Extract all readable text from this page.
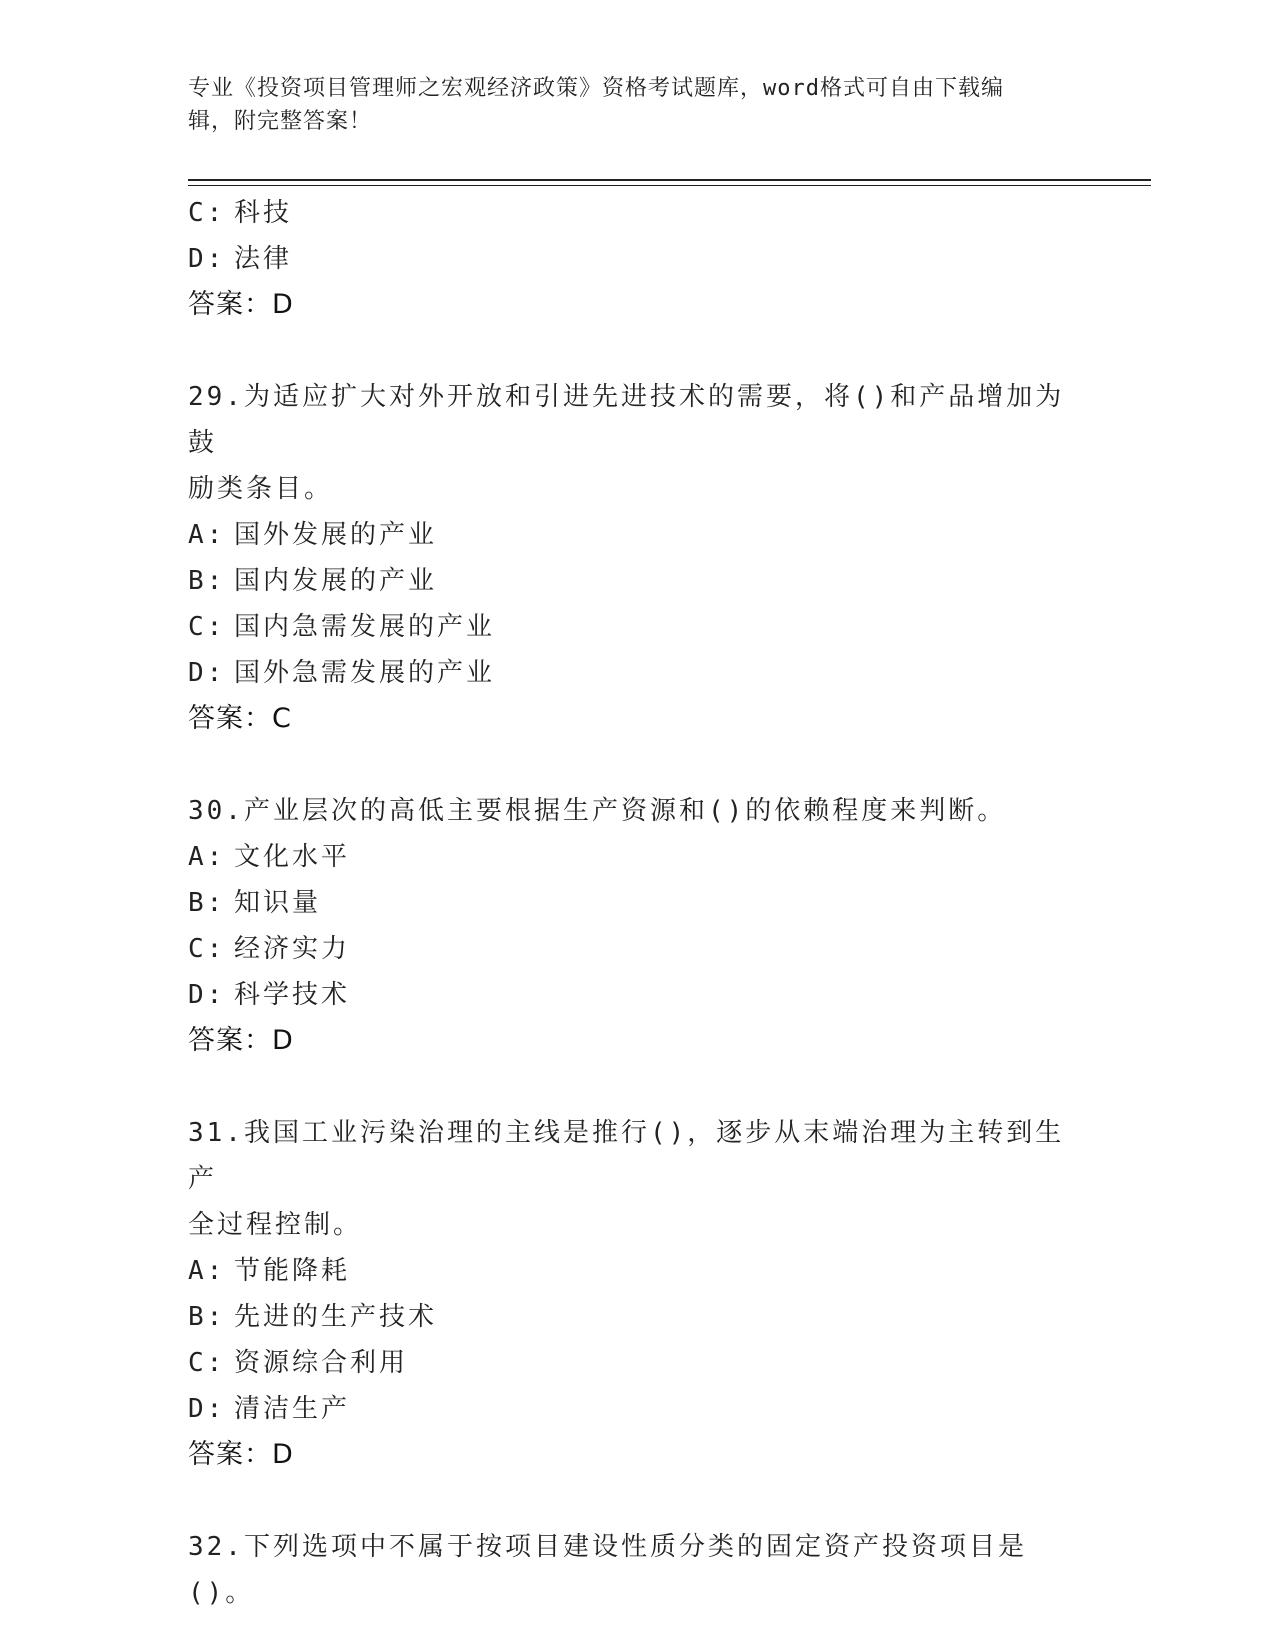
专业《投资项目管理师之宏观经济政策》资格考试题库，word格式可自由下载编
辑，附完整答案！
C: 科技
D: 法律
答案：D
29.为适应扩大对外开放和引进先进技术的需要，将()和产品增加为鼓
励类条目。
A: 国外发展的产业
B: 国内发展的产业
C: 国内急需发展的产业
D: 国外急需发展的产业
答案：C
30.产业层次的高低主要根据生产资源和()的依赖程度来判断。
A: 文化水平
B: 知识量
C: 经济实力
D: 科学技术
答案：D
31.我国工业污染治理的主线是推行()，逐步从末端治理为主转到生产
全过程控制。
A: 节能降耗
B: 先进的生产技术
C: 资源综合利用
D: 清洁生产
答案：D
32.下列选项中不属于按项目建设性质分类的固定资产投资项目是()。
